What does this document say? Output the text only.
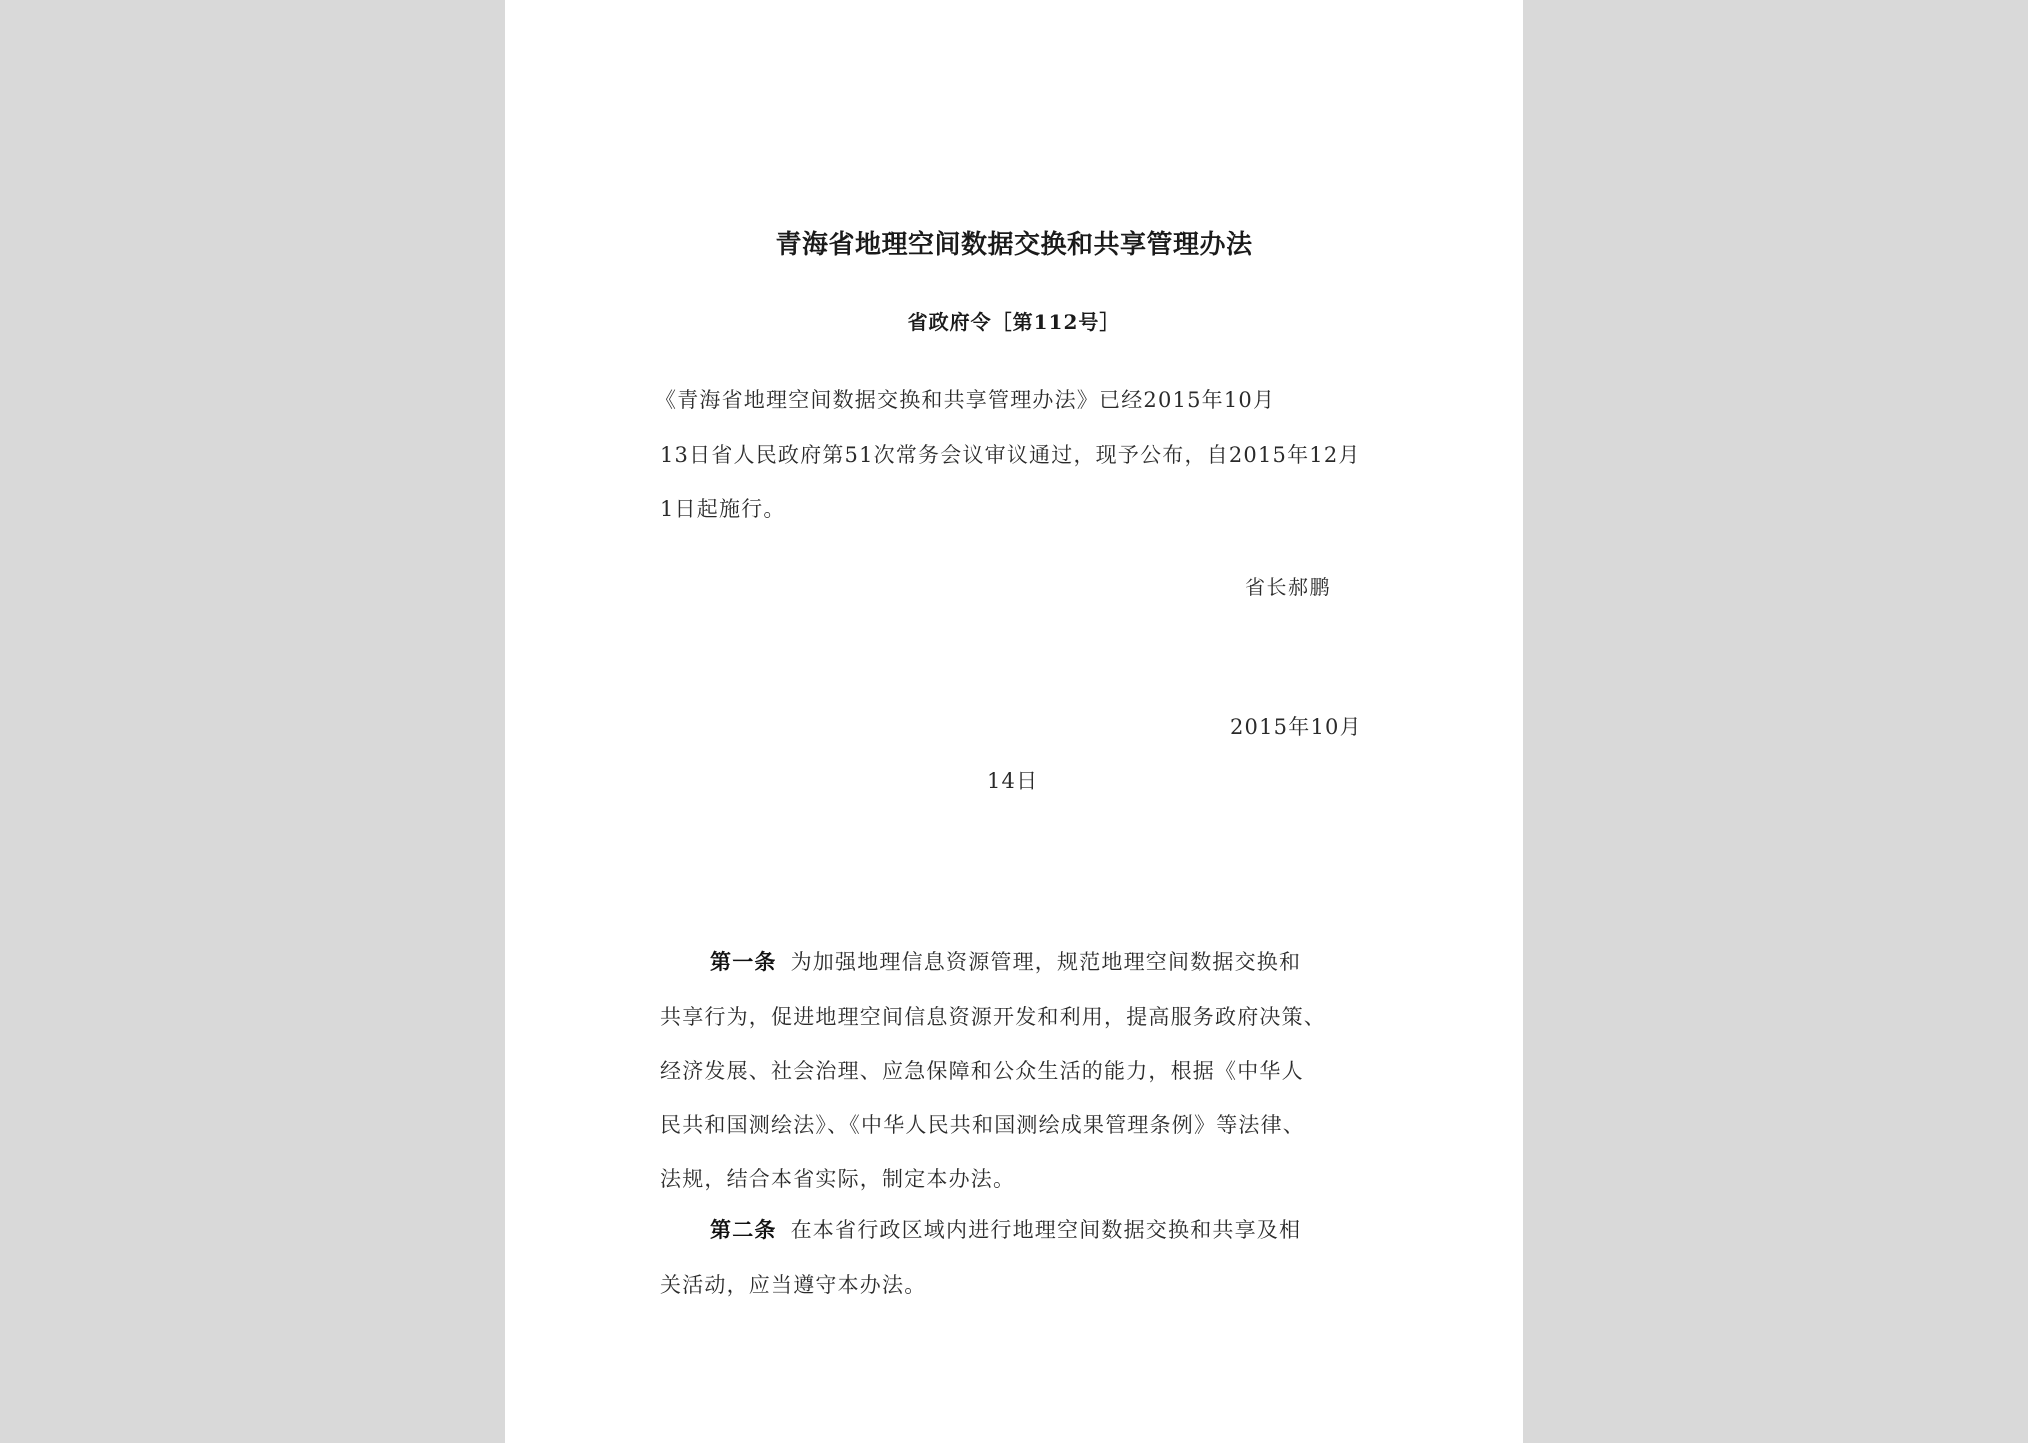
青海省地理空间数据交换和共享管理办法
省政府令［第112号］
《青海省地理空间数据交换和共享管理办法》已经2015年10月
13日省人民政府第51次常务会议审议通过，现予公布，自2015年12月
1日起施行。
省长郝鹏
2015年10月
14日
第一条 为加强地理信息资源管理，规范地理空间数据交换和
共享行为，促进地理空间信息资源开发和利用，提高服务政府决策、
经济发展、社会治理、应急保障和公众生活的能力，根据《中华人
民共和国测绘法》、《中华人民共和国测绘成果管理条例》等法律、
法规，结合本省实际，制定本办法。
第二条 在本省行政区域内进行地理空间数据交换和共享及相
关活动，应当遵守本办法。
